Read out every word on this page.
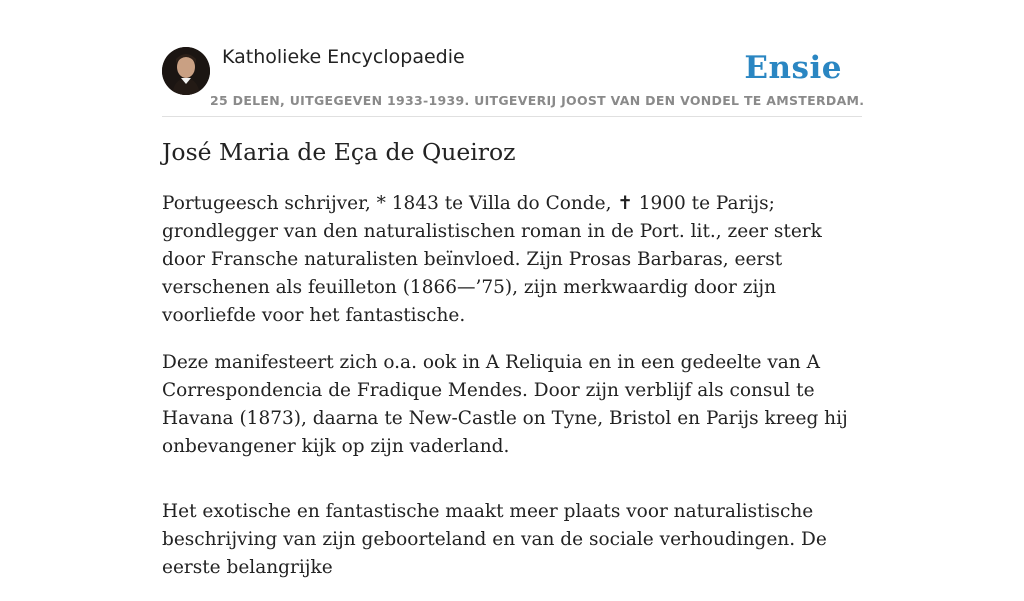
Katholieke Encyclopaedie
25 DELEN, UITGEGEVEN 1933-1939. UITGEVERIJ JOOST VAN DEN VONDEL TE AMSTERDAM.
Ensie
José Maria de Eça de Queiroz

Portugeesch schrijver, * 1843 te Villa do Conde, ✝ 1900 te Parijs; grondlegger van den naturalistischen roman in de Port. lit., zeer sterk door Fransche naturalisten beïnvloed. Zijn Prosas Barbaras, eerst verschenen als feuilleton (1866—’75), zijn merkwaardig door zijn voorliefde voor het fantastische.

Deze manifesteert zich o.a. ook in A Reliquia en in een gedeelte van A Correspondencia de Fradique Mendes. Door zijn verblijf als consul te Havana (1873), daarna te New-Castle on Tyne, Bristol en Parijs kreeg hij onbevangener kijk op zijn vaderland.

Het exotische en fantastische maakt meer plaats voor naturalistische beschrijving van zijn geboorteland en van de sociale verhoudingen. De eerste belangrijke
